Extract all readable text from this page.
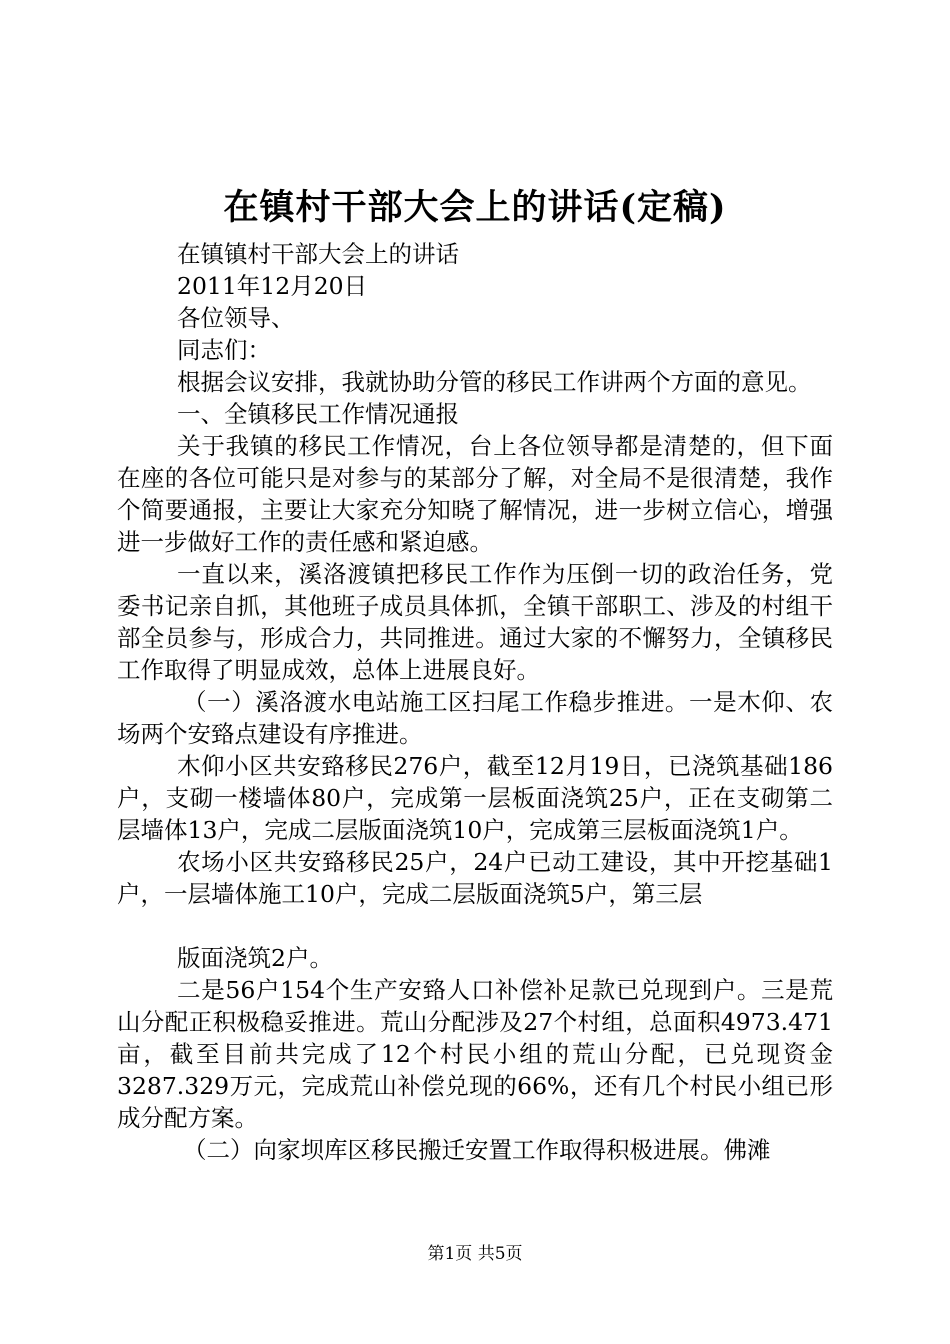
在镇村干部大会上的讲话(定稿)

在镇镇村干部大会上的讲话

2011年12月20日

各位领导、

同志们：

根据会议安排，我就协助分管的移民工作讲两个方面的意见。

一、全镇移民工作情况通报

关于我镇的移民工作情况，台上各位领导都是清楚的，但下面在座的各位可能只是对参与的某部分了解，对全局不是很清楚，我作个简要通报，主要让大家充分知晓了解情况，进一步树立信心，增强进一步做好工作的责任感和紧迫感。

一直以来，溪洛渡镇把移民工作作为压倒一切的政治任务，党委书记亲自抓，其他班子成员具体抓，全镇干部职工、涉及的村组干部全员参与，形成合力，共同推进。通过大家的不懈努力，全镇移民工作取得了明显成效，总体上进展良好。

（一）溪洛渡水电站施工区扫尾工作稳步推进。一是木仰、农场两个安臵点建设有序推进。

木仰小区共安臵移民276户，截至12月19日，已浇筑基础186户，支砌一楼墙体80户，完成第一层板面浇筑25户，正在支砌第二层墙体13户，完成二层版面浇筑10户，完成第三层板面浇筑1户。

农场小区共安臵移民25户，24户已动工建设，其中开挖基础1户，一层墙体施工10户，完成二层版面浇筑5户，第三层

版面浇筑2户。

二是56户154个生产安臵人口补偿补足款已兑现到户。三是荒山分配正积极稳妥推进。荒山分配涉及27个村组，总面积4973.471亩，截至目前共完成了12个村民小组的荒山分配，已兑现资金3287.329万元，完成荒山补偿兑现的66%，还有几个村民小组已形成分配方案。

（二）向家坝库区移民搬迁安置工作取得积极进展。佛滩

第1页 共5页
